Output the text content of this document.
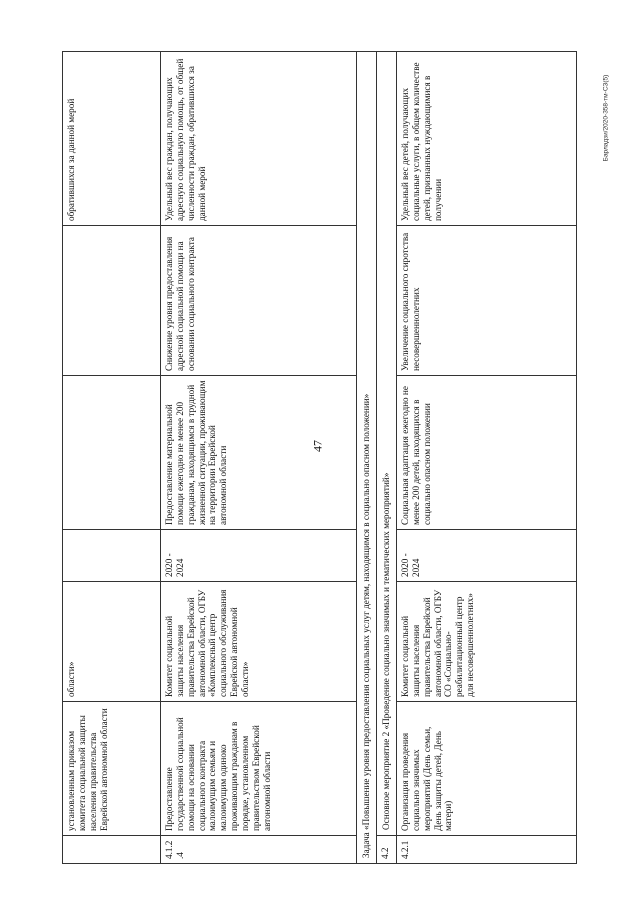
47
Барладзи/2020-358-тм-СЗ(5)
	установленным приказом комитета социальной защиты населения правительства Еврейской автономной области	области»				обратившихся за данной мерой
4.1.2.4	Предоставление государственной социальной помощи на основании социального контракта малоимущим семьям и малоимущим одиноко проживающим гражданам в порядке, установленном правительством Еврейской автономной области	Комитет социальной защиты населения правительства Еврейской автономной области, ОГБУ «Комплексный центр социального обслуживания Еврейской автономной области»	2020 - 2024	Предоставление материальной помощи ежегодно не менее 200 гражданам, находящимся в трудной жизненной ситуации, проживающим на территории Еврейской автономной области	Снижение уровня предоставления адресной социальной помощи на основании социального контракта	Удельный вес граждан, получающих адресную социальную помощь, от общей численности граждан, обратившихся за данной мерой
Задача «Повышение уровня предоставления социальных услуг детям, находящимся в социально опасном положении»						
4.2	Основное мероприятие 2 «Проведение социально значимых и тематических мероприятий»					
4.2.1	Организация проведения социально значимых мероприятий (День семьи, День защиты детей, День матери)	Комитет социальной защиты населения правительства Еврейской автономной области, ОГБУ СО «Социально-реабилитационный центр для несовершеннолетних»	2020 - 2024	Социальная адаптация ежегодно не менее 200 детей, находящихся в социально опасном положении	Увеличение социального сиротства несовершеннолетних	Удельный вес детей, получающих социальные услуги, в общем количестве детей, признанных нуждающимися в получении
